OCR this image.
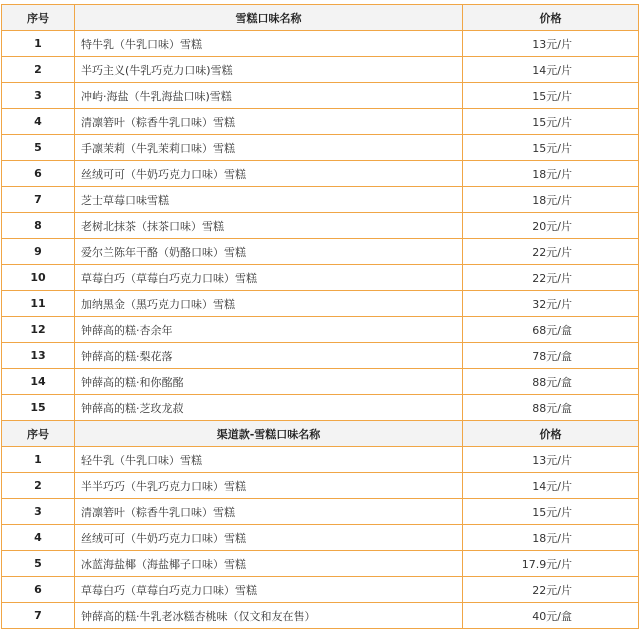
序号	雪糕口味名称	价格
1	特牛乳（牛乳口味）雪糕	13元/片
2	半巧主义(牛乳巧克力口味)雪糕	14元/片
3	冲屿·海盐（牛乳海盐口味)雪糕	15元/片
4	清凛箬叶（粽香牛乳口味）雪糕	15元/片
5	手凛茉莉（牛乳茉莉口味）雪糕	15元/片
6	丝绒可可（牛奶巧克力口味）雪糕	18元/片
7	芝士草莓口味雪糕	18元/片
8	老树北抹茶（抹茶口味）雪糕	20元/片
9	爱尔兰陈年干酪（奶酪口味）雪糕	22元/片
10	草莓白巧（草莓白巧克力口味）雪糕	22元/片
11	加纳黑金（黑巧克力口味）雪糕	32元/片
12	钟薛高的糕·杏余年	68元/盒
13	钟薛高的糕·梨花落	78元/盒
14	钟薛高的糕·和你酩酩	88元/盒
15	钟薛高的糕·芝玫龙菽	88元/盒
序号	渠道款-雪糕口味名称	价格
1	轻牛乳（牛乳口味）雪糕	13元/片
2	半半巧巧（牛乳巧克力口味）雪糕	14元/片
3	清凛箬叶（粽香牛乳口味）雪糕	15元/片
4	丝绒可可（牛奶巧克力口味）雪糕	18元/片
5	冰蓝海盐椰（海盐椰子口味）雪糕	17.9元/片
6	草莓白巧（草莓白巧克力口味）雪糕	22元/片
7	钟薛高的糕·牛乳老冰糕杏桃味（仅文和友在售）	40元/盒
